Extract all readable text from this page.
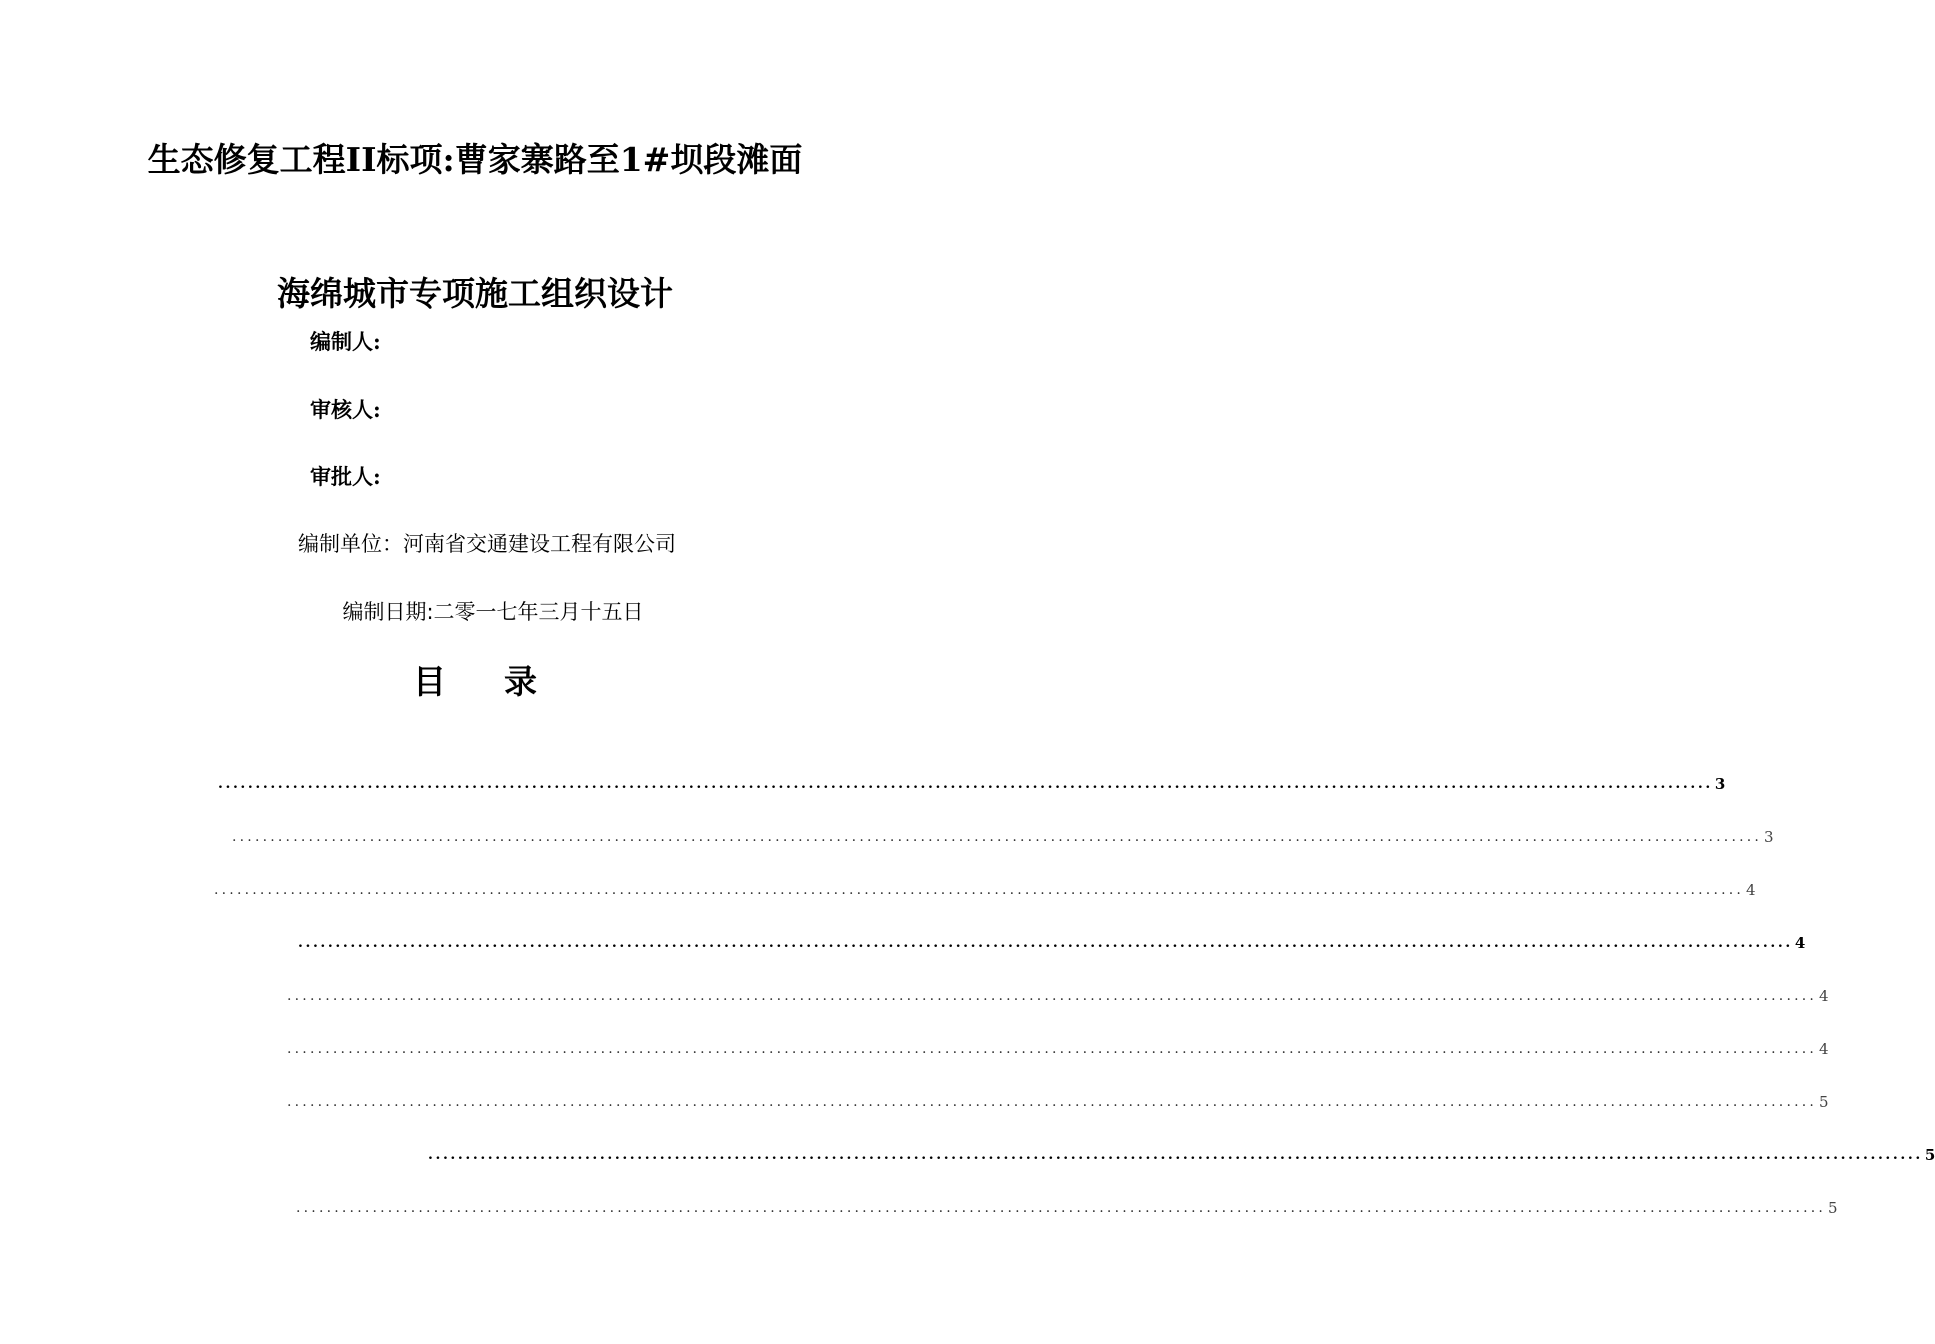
生态修复工程II标项:曹家寨路至1#坝段滩面
海绵城市专项施工组织设计
编制人:
审核人:
审批人:
编制单位：河南省交通建设工程有限公司
编制日期:二零一七年三月十五日
目 录
........................................................................................................................................................................................................ 3
........................................................................................................................................................................................................ 3
........................................................................................................................................................................................................ 4
........................................................................................................................................................................................................ 4
........................................................................................................................................................................................................ 4
........................................................................................................................................................................................................ 4
........................................................................................................................................................................................................ 5
........................................................................................................................................................................................................ 5
........................................................................................................................................................................................................ 5
